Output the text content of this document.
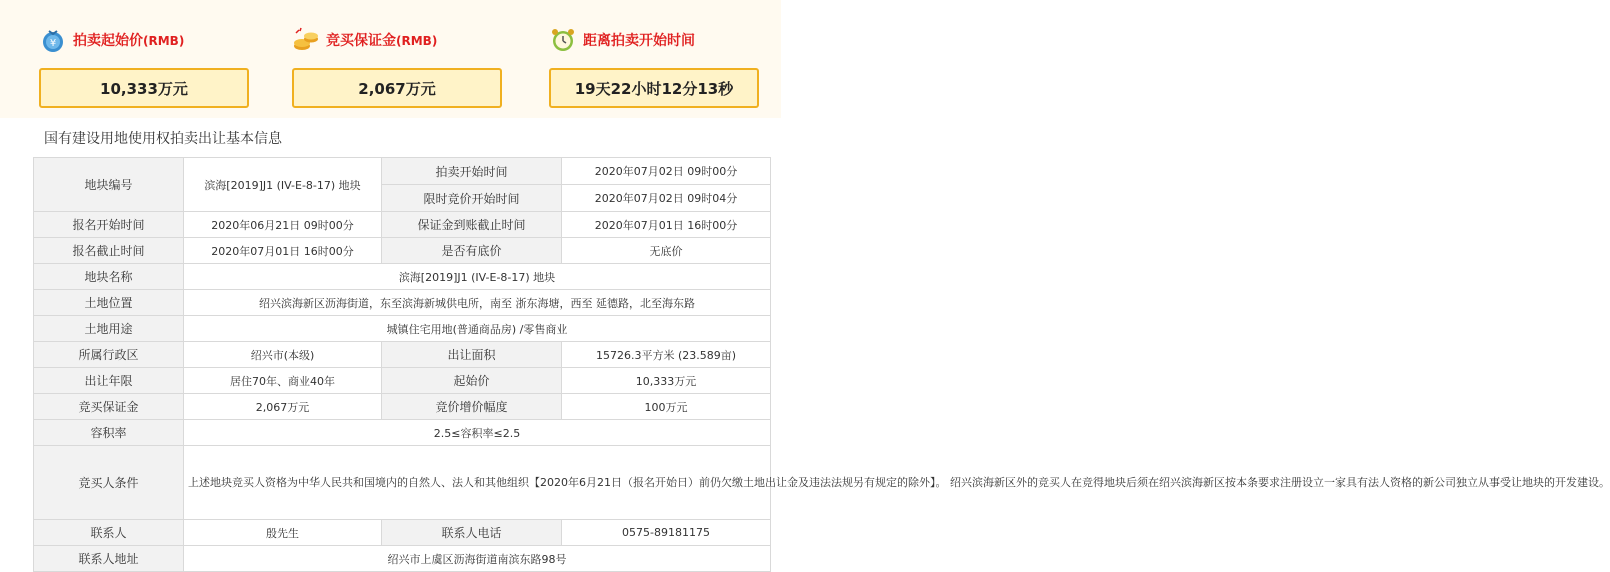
¥ 拍卖起始价(RMB)
10,333万元
竞买保证金(RMB)
2,067万元
距离拍卖开始时间
19天22小时12分13秒
国有建设用地使用权拍卖出让基本信息
地块编号	滨海[2019]J1 (IV-E-8-17) 地块	拍卖开始时间	2020年07月02日 09时00分
		限时竞价开始时间	2020年07月02日 09时04分
报名开始时间	2020年06月21日 09时00分	保证金到账截止时间	2020年07月01日 16时00分
报名截止时间	2020年07月01日 16时00分	是否有底价	无底价
地块名称	滨海[2019]J1 (IV-E-8-17) 地块		
土地位置	绍兴滨海新区沥海街道，东至滨海新城供电所，南至 浙东海塘，西至 延德路，北至海东路		
土地用途	城镇住宅用地(普通商品房) /零售商业		
所属行政区	绍兴市(本级)	出让面积	15726.3平方米 (23.589亩)
出让年限	居住70年、商业40年	起始价	10,333万元
竞买保证金	2,067万元	竞价增价幅度	100万元
容积率	2.5≤容积率≤2.5		
竞买人条件	上述地块竞买人资格为中华人民共和国境内的自然人、法人和其他组织【2020年6月21日（报名开始日）前仍欠缴土地出让金及违法法规另有规定的除外】。 绍兴滨海新区外的竞买人在竞得地块后须在绍兴滨海新区按本条要求注册设立一家具有法人资格的新公司独立从事受让地块的开发建设。		
联系人	殷先生	联系人电话	0575-89181175
联系人地址	绍兴市上虞区沥海街道南滨东路98号		
